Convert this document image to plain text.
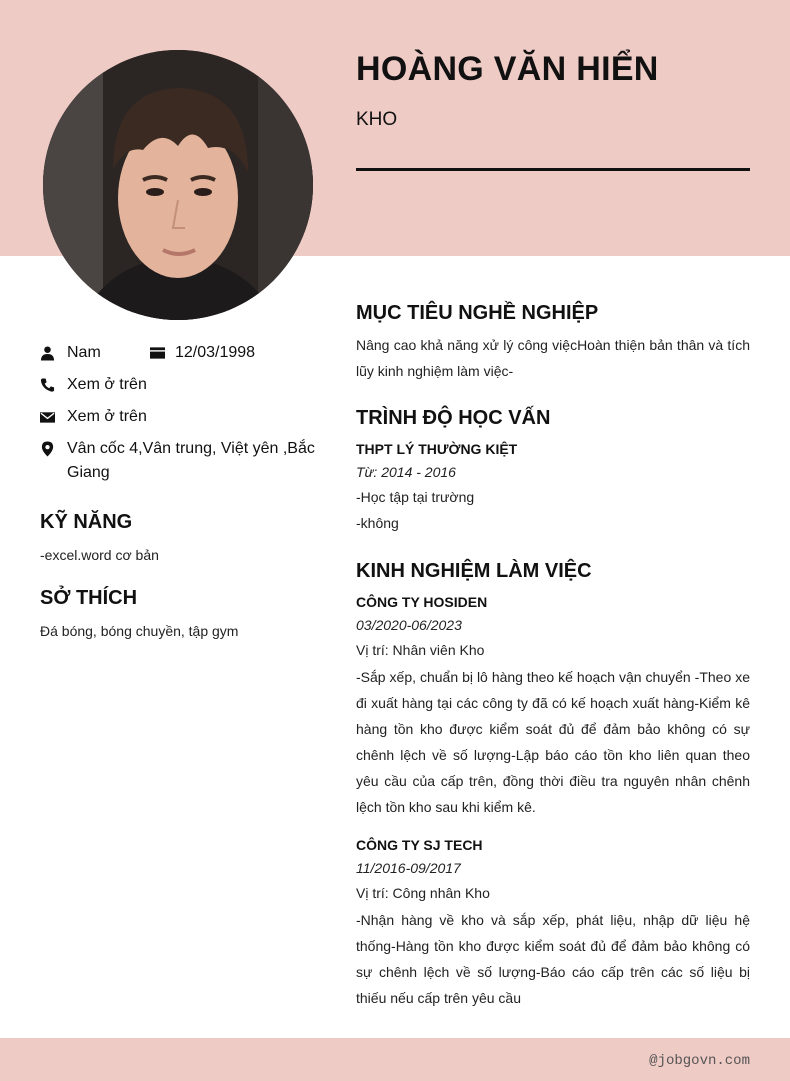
HOÀNG VĂN HIỂN
KHO
Nam	12/03/1998
Xem ở trên
Xem ở trên
Vân cốc 4,Vân trung, Việt yên ,Bắc Giang
KỸ NĂNG
-excel.word cơ bản
SỞ THÍCH
Đá bóng, bóng chuyền, tập gym
MỤC TIÊU NGHỀ NGHIỆP
Nâng cao khả năng xử lý công việcHoàn thiện bản thân và tích lũy kinh nghiệm làm việc-
TRÌNH ĐỘ HỌC VẤN
THPT LÝ THƯỜNG KIỆT
Từ: 2014 - 2016
-Học tập tại trường
-không
KINH NGHIỆM LÀM VIỆC
CÔNG TY HOSIDEN
03/2020-06/2023
Vị trí: Nhân viên Kho
-Sắp xếp, chuẩn bị lô hàng theo kế hoạch vận chuyển -Theo xe đi xuất hàng tại các công ty đã có kế hoạch xuất hàng-Kiểm kê hàng tồn kho được kiểm soát đủ để đảm bảo không có sự chênh lệch về số lượng-Lập báo cáo tồn kho liên quan theo yêu cầu của cấp trên, đồng thời điều tra nguyên nhân chênh lệch tồn kho sau khi kiểm kê.
CÔNG TY SJ TECH
11/2016-09/2017
Vị trí: Công nhân Kho
-Nhận hàng về kho và sắp xếp, phát liệu, nhập dữ liệu hệ thống-Hàng tồn kho được kiểm soát đủ để đảm bảo không có sự chênh lệch về số lượng-Báo cáo cấp trên các số liệu bị thiếu nếu cấp trên yêu cầu
@jobgovn.com
